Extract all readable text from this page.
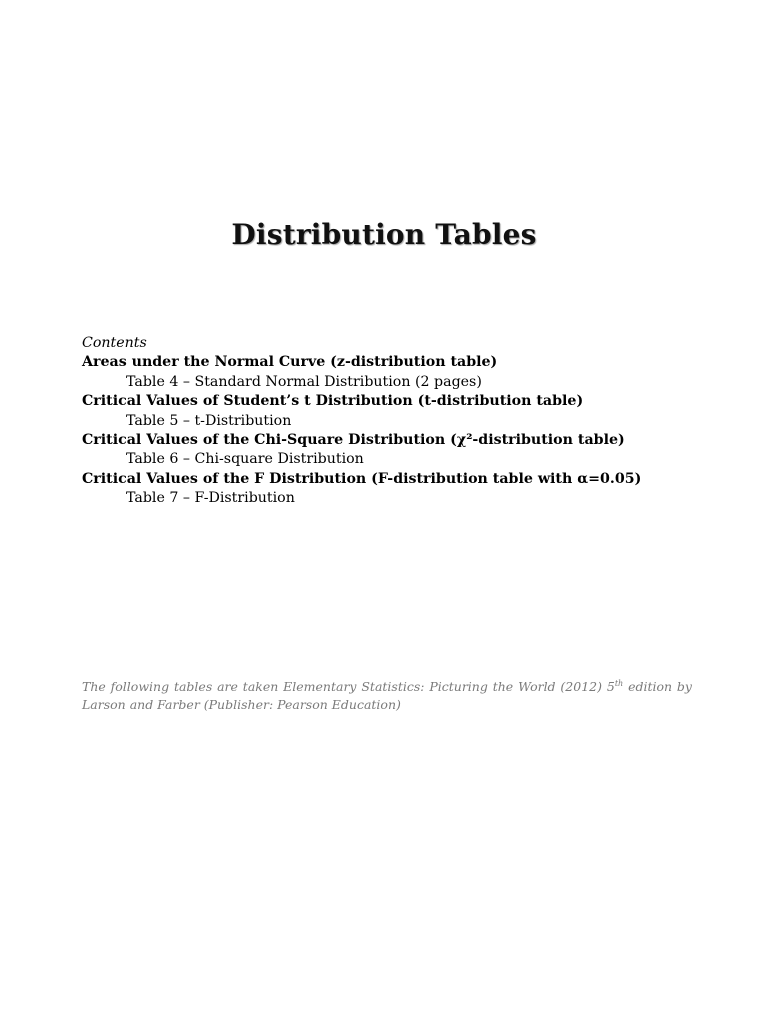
Distribution Tables
Contents
Areas under the Normal Curve (z-distribution table)
Table 4 – Standard Normal Distribution (2 pages)
Critical Values of Student’s t Distribution (t-distribution table)
Table 5 – t-Distribution
Critical Values of the Chi-Square Distribution (χ²-distribution table)
Table 6 – Chi-square Distribution
Critical Values of the F Distribution (F-distribution table with α=0.05)
Table 7 – F-Distribution
The following tables are taken Elementary Statistics: Picturing the World (2012) 5th edition by Larson and Farber (Publisher: Pearson Education)
